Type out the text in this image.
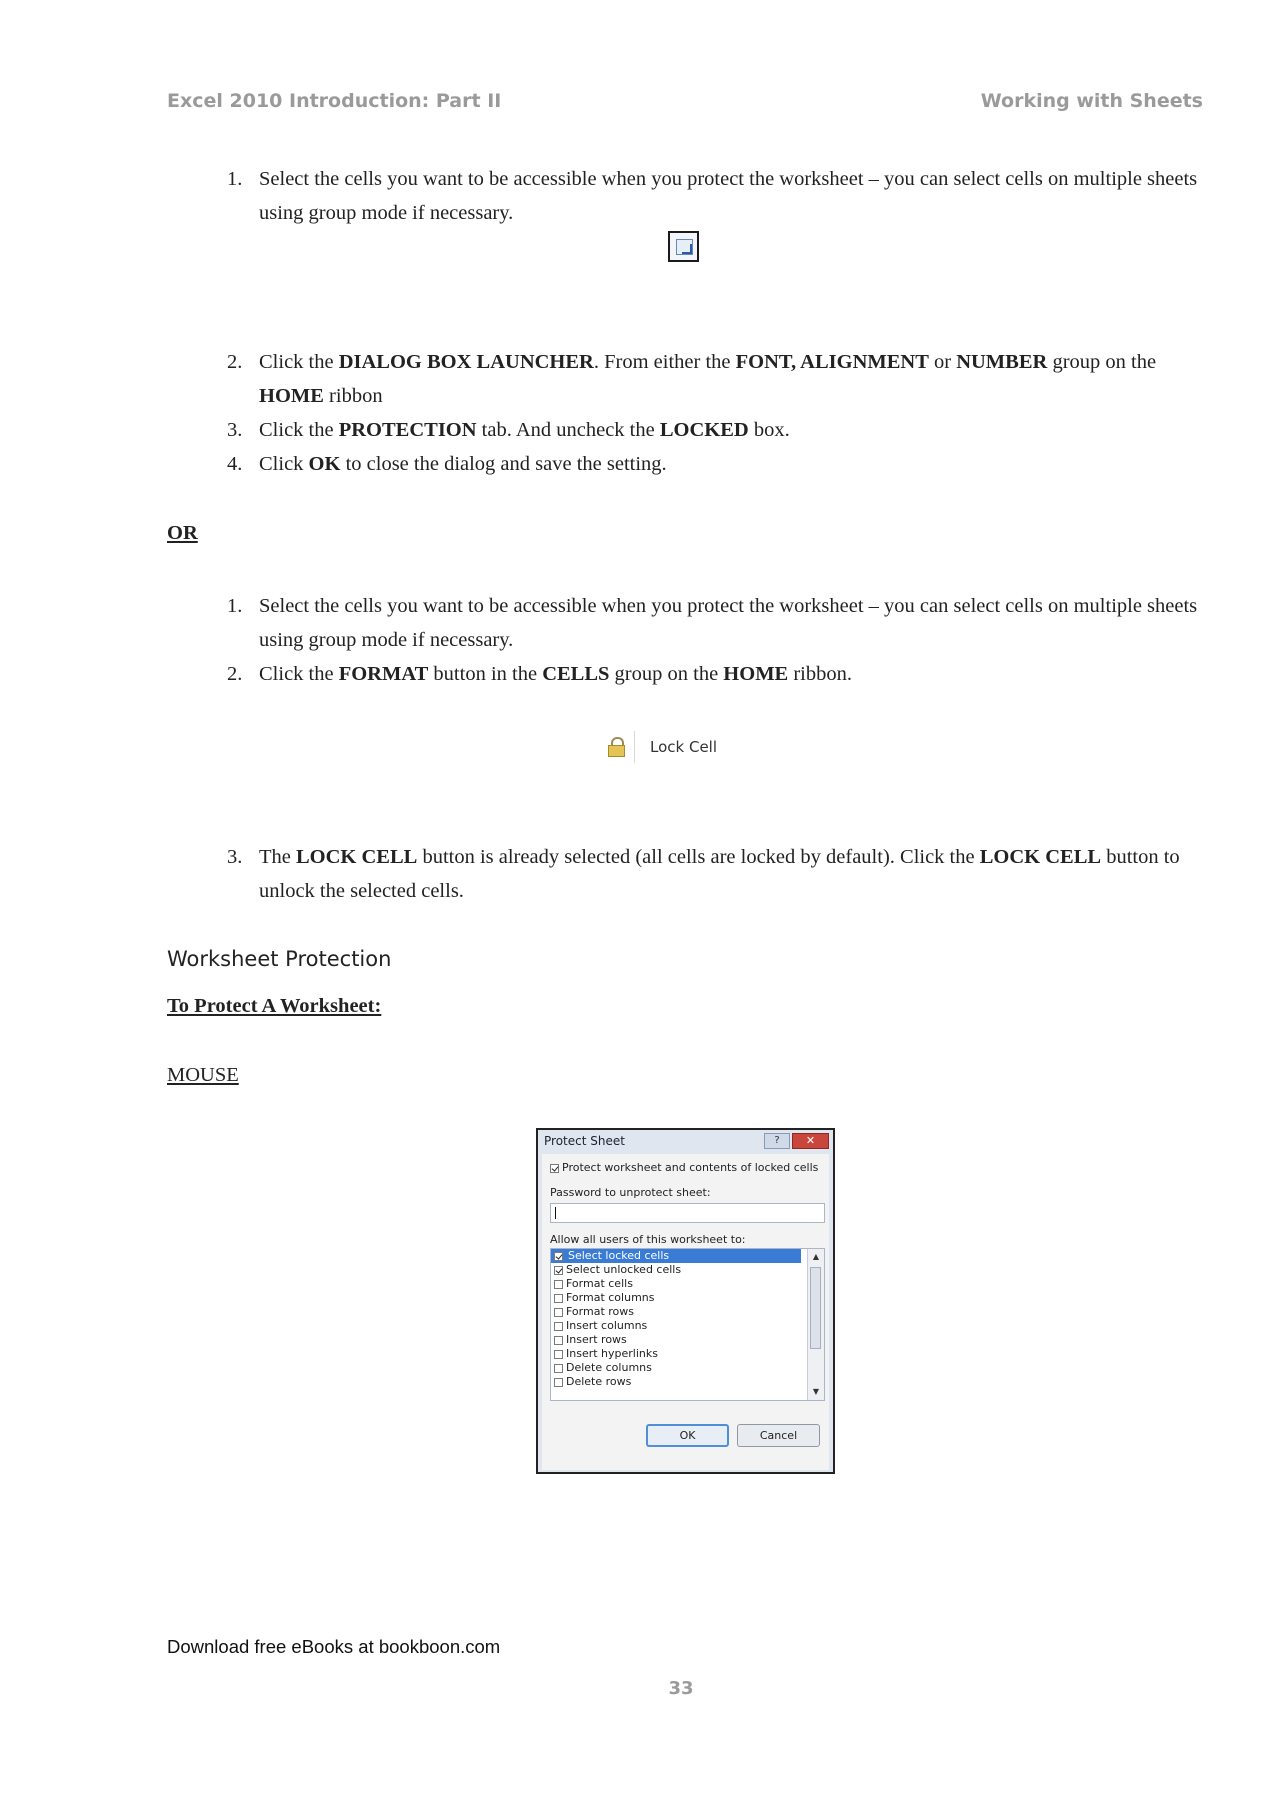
Excel 2010 Introduction: Part II	Working with Sheets
1. Select the cells you want to be accessible when you protect the worksheet – you can select cells on multiple sheets using group mode if necessary.
2. Click the DIALOG BOX LAUNCHER. From either the FONT, ALIGNMENT or NUMBER group on the HOME ribbon
3. Click the PROTECTION tab. And uncheck the LOCKED box.
4. Click OK to close the dialog and save the setting.
OR
1. Select the cells you want to be accessible when you protect the worksheet – you can select cells on multiple sheets using group mode if necessary.
2. Click the FORMAT button in the CELLS group on the HOME ribbon.
Lock Cell
3. The LOCK CELL button is already selected (all cells are locked by default). Click the LOCK CELL button to unlock the selected cells.
Worksheet Protection
To Protect A Worksheet:
MOUSE
Protect Sheet	?	✕
Protect worksheet and contents of locked cells
Password to unprotect sheet:
Allow all users of this worksheet to:
Select locked cells
Select unlocked cells
Format cells
Format columns
Format rows
Insert columns
Insert rows
Insert hyperlinks
Delete columns
Delete rows
▲
▼
OK	Cancel
Download free eBooks at bookboon.com
33
